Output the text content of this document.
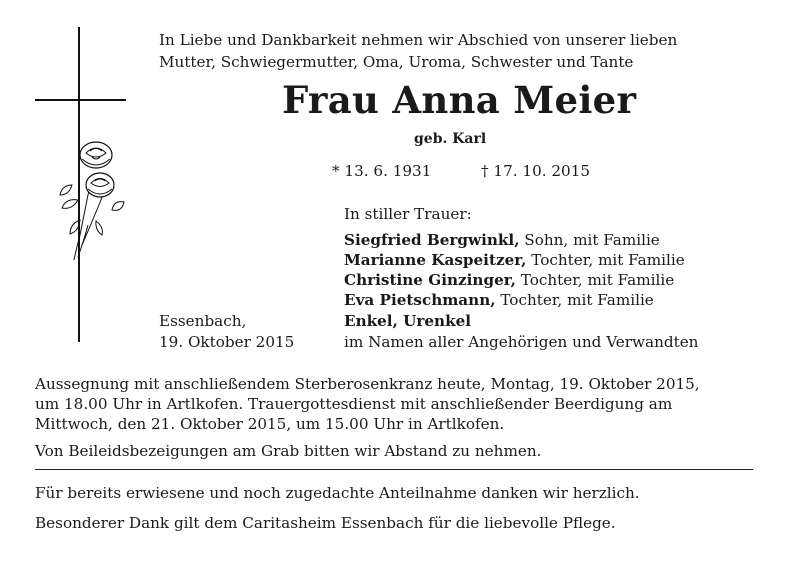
In Liebe und Dankbarkeit nehmen wir Abschied von unserer lieben
Mutter, Schwiegermutter, Oma, Uroma, Schwester und Tante
Frau Anna Meier
geb. Karl
* 13. 6. 1931	† 17. 10. 2015
In stiller Trauer:
Siegfried Bergwinkl, Sohn, mit Familie
Marianne Kaspeitzer, Tochter, mit Familie
Christine Ginzinger, Tochter, mit Familie
Eva Pietschmann, Tochter, mit Familie
Enkel, Urenkel
im Namen aller Angehörigen und Verwandten
Essenbach,
19. Oktober 2015
Aussegnung mit anschließendem Sterberosenkranz heute, Montag, 19. Oktober 2015,
um 18.00 Uhr in Artlkofen. Trauergottesdienst mit anschließender Beerdigung am
Mittwoch, den 21. Oktober 2015, um 15.00 Uhr in Artlkofen.
Von Beileidsbezeigungen am Grab bitten wir Abstand zu nehmen.
Für bereits erwiesene und noch zugedachte Anteilnahme danken wir herzlich.
Besonderer Dank gilt dem Caritasheim Essenbach für die liebevolle Pflege.
